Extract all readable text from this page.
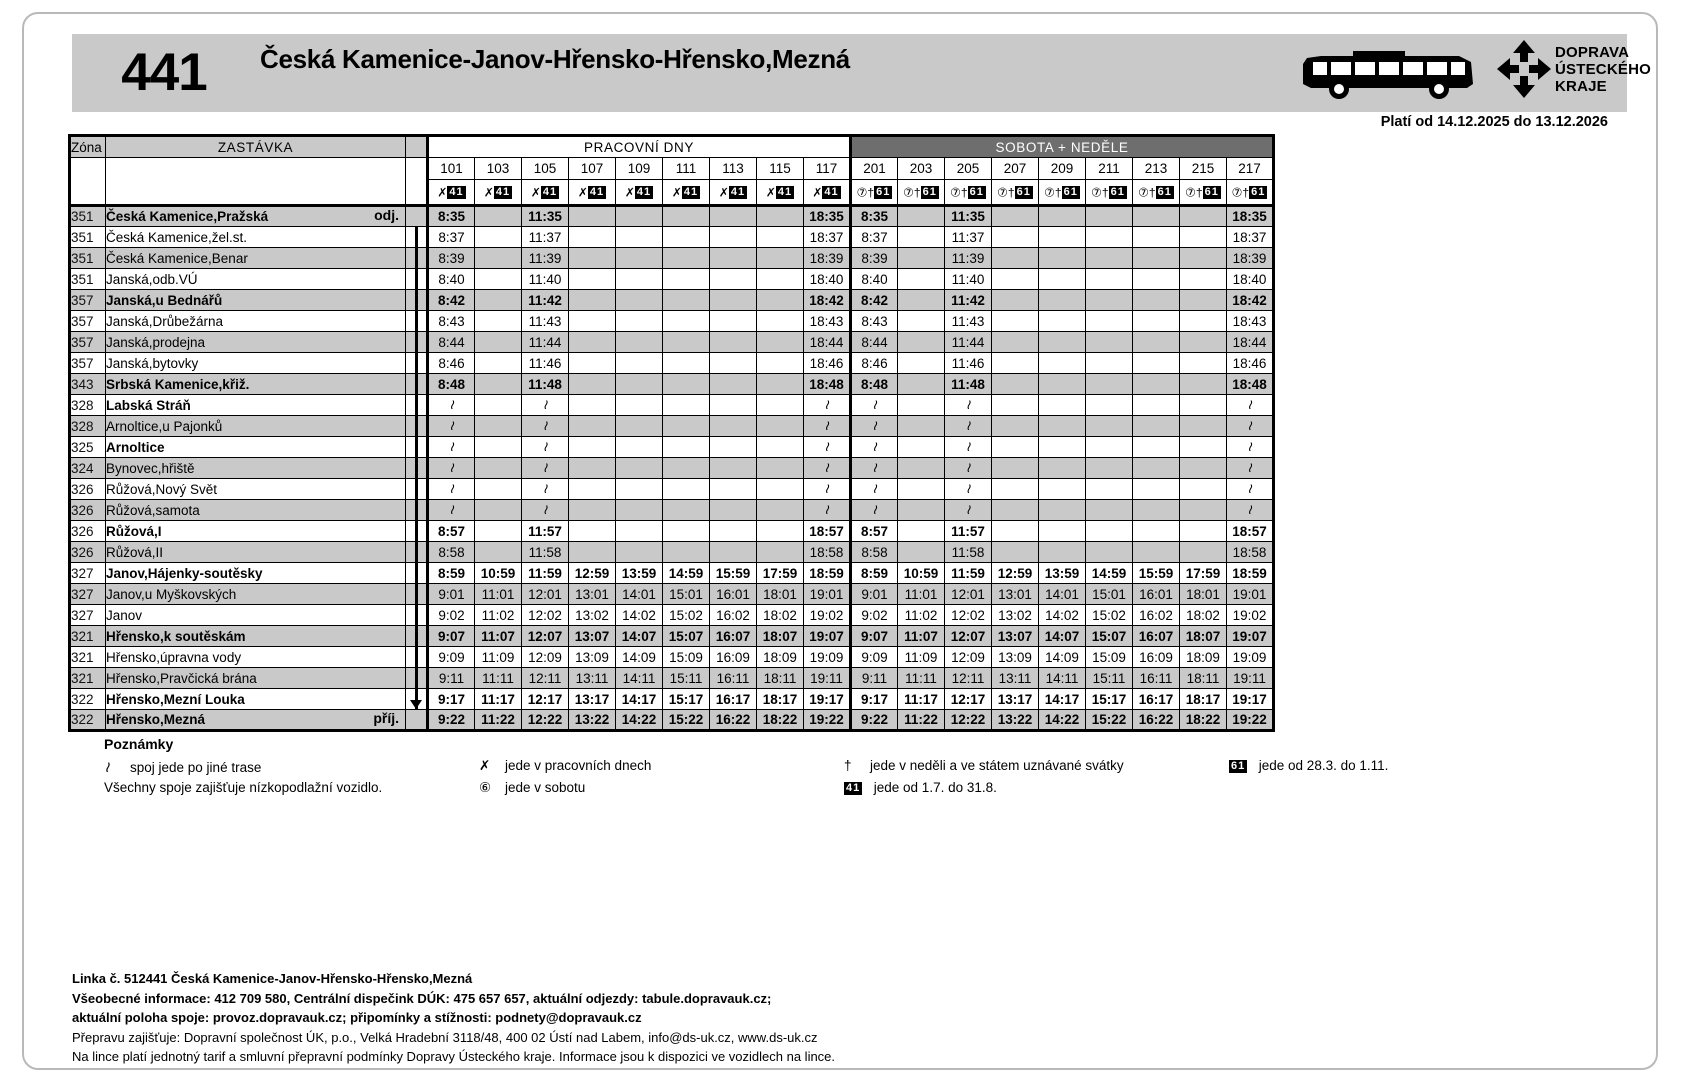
441	Česká Kamenice-Janov-Hřensko-Hřensko,Mezná	DOPRAVA
ÚSTECKÉHO
KRAJE
Platí od 14.12.2025 do 13.12.2026
Zóna	ZASTÁVKA		PRACOVNÍ DNY									SOBOTA + NEDĚLE								
			101	103	105	107	109	111	113	115	117	201	203	205	207	209	211	213	215	217
			✗ 41	✗ 41	✗ 41	✗ 41	✗ 41	✗ 41	✗ 41	✗ 41	✗ 41	⑦† 61	⑦† 61	⑦† 61	⑦† 61	⑦† 61	⑦† 61	⑦† 61	⑦† 61	⑦† 61
351	Česká Kamenice,Pražská odj.		8:35		11:35						18:35	8:35		11:35						18:35
351	Česká Kamenice,žel.st.		8:37		11:37						18:37	8:37		11:37						18:37
351	Česká Kamenice,Benar		8:39		11:39						18:39	8:39		11:39						18:39
351	Janská,odb.VÚ		8:40		11:40						18:40	8:40		11:40						18:40
357	Janská,u Bednářů		8:42		11:42						18:42	8:42		11:42						18:42
357	Janská,Drůbežárna		8:43		11:43						18:43	8:43		11:43						18:43
357	Janská,prodejna		8:44		11:44						18:44	8:44		11:44						18:44
357	Janská,bytovky		8:46		11:46						18:46	8:46		11:46						18:46
343	Srbská Kamenice,křiž.		8:48		11:48						18:48	8:48		11:48						18:48
328	Labská Stráň		≀		≀						≀	≀		≀						≀
328	Arnoltice,u Pajonků		≀		≀						≀	≀		≀						≀
325	Arnoltice		≀		≀						≀	≀		≀						≀
324	Bynovec,hřiště		≀		≀						≀	≀		≀						≀
326	Růžová,Nový Svět		≀		≀						≀	≀		≀						≀
326	Růžová,samota		≀		≀						≀	≀		≀						≀
326	Růžová,I		8:57		11:57						18:57	8:57		11:57						18:57
326	Růžová,II		8:58		11:58						18:58	8:58		11:58						18:58
327	Janov,Hájenky-soutěsky		8:59	10:59	11:59	12:59	13:59	14:59	15:59	17:59	18:59	8:59	10:59	11:59	12:59	13:59	14:59	15:59	17:59	18:59
327	Janov,u Myškovských		9:01	11:01	12:01	13:01	14:01	15:01	16:01	18:01	19:01	9:01	11:01	12:01	13:01	14:01	15:01	16:01	18:01	19:01
327	Janov		9:02	11:02	12:02	13:02	14:02	15:02	16:02	18:02	19:02	9:02	11:02	12:02	13:02	14:02	15:02	16:02	18:02	19:02
321	Hřensko,k soutěskám		9:07	11:07	12:07	13:07	14:07	15:07	16:07	18:07	19:07	9:07	11:07	12:07	13:07	14:07	15:07	16:07	18:07	19:07
321	Hřensko,úpravna vody		9:09	11:09	12:09	13:09	14:09	15:09	16:09	18:09	19:09	9:09	11:09	12:09	13:09	14:09	15:09	16:09	18:09	19:09
321	Hřensko,Pravčická brána		9:11	11:11	12:11	13:11	14:11	15:11	16:11	18:11	19:11	9:11	11:11	12:11	13:11	14:11	15:11	16:11	18:11	19:11
322	Hřensko,Mezní Louka		9:17	11:17	12:17	13:17	14:17	15:17	16:17	18:17	19:17	9:17	11:17	12:17	13:17	14:17	15:17	16:17	18:17	19:17
322	Hřensko,Mezná příj.		9:22	11:22	12:22	13:22	14:22	15:22	16:22	18:22	19:22	9:22	11:22	12:22	13:22	14:22	15:22	16:22	18:22	19:22
Poznámky
≀ spoj jede po jiné trase	✗ jede v pracovních dnech	† jede v neděli a ve státem uznávané svátky	61 jede od 28.3. do 1.11.
Všechny spoje zajišťuje nízkopodlažní vozidlo.	⑥ jede v sobotu	41 jede od 1.7. do 31.8.
Linka č. 512441 Česká Kamenice-Janov-Hřensko-Hřensko,Mezná
Všeobecné informace: 412 709 580, Centrální dispečink DÚK: 475 657 657, aktuální odjezdy: tabule.dopravauk.cz;
aktuální poloha spoje: provoz.dopravauk.cz; připomínky a stížnosti: podnety@dopravauk.cz
Přepravu zajišťuje: Dopravní společnost ÚK, p.o., Velká Hradební 3118/48, 400 02 Ústí nad Labem, info@ds-uk.cz, www.ds-uk.cz
Na lince platí jednotný tarif a smluvní přepravní podmínky Dopravy Ústeckého kraje. Informace jsou k dispozici ve vozidlech na lince.
